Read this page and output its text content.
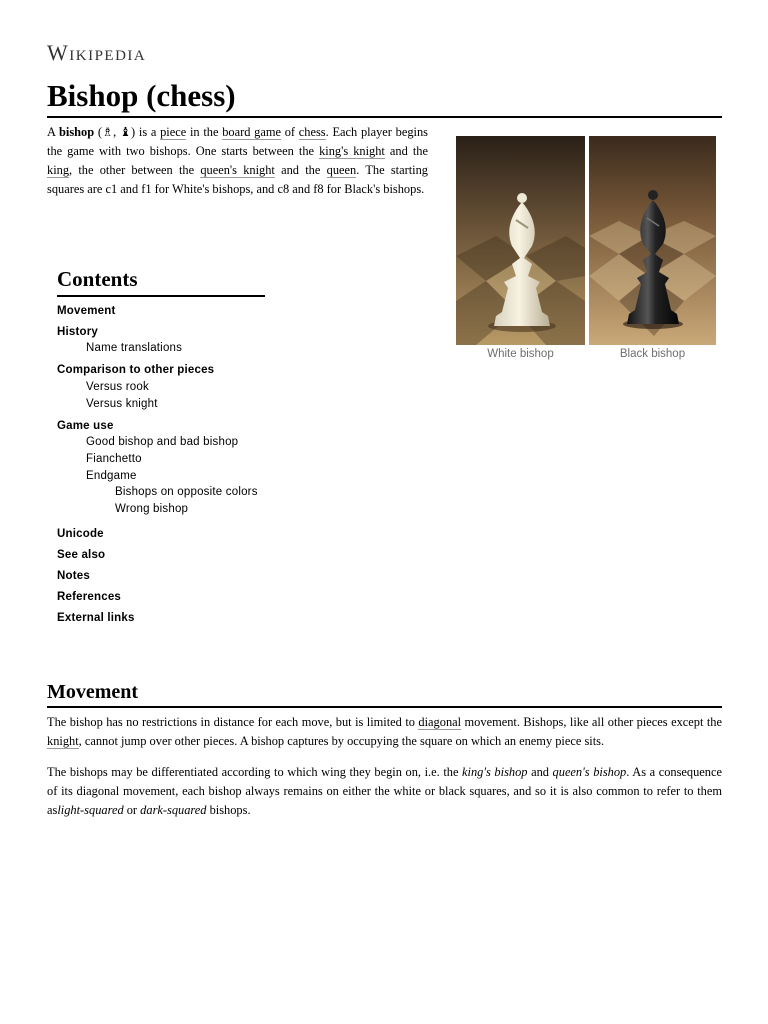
Wikipedia
Bishop (chess)

A bishop (♗, ♝) is a piece in the board game of chess. Each player begins the game with two bishops. One starts between the king's knight and the king, the other between the queen's knight and the queen. The starting squares are c1 and f1 for White's bishops, and c8 and f8 for Black's bishops.

White bishop	Black bishop
Contents
Movement
History
Name translations
Comparison to other pieces
Versus rook
Versus knight
Game use
Good bishop and bad bishop
Fianchetto
Endgame
Bishops on opposite colors
Wrong bishop
Unicode
See also
Notes
References
External links
Movement

The bishop has no restrictions in distance for each move, but is limited to diagonal movement. Bishops, like all other pieces except the knight, cannot jump over other pieces. A bishop captures by occupying the square on which an enemy piece sits.

The bishops may be differentiated according to which wing they begin on, i.e. the king's bishop and queen's bishop. As a consequence of its diagonal movement, each bishop always remains on either the white or black squares, and so it is also common to refer to them aslight-squared or dark-squared bishops.
